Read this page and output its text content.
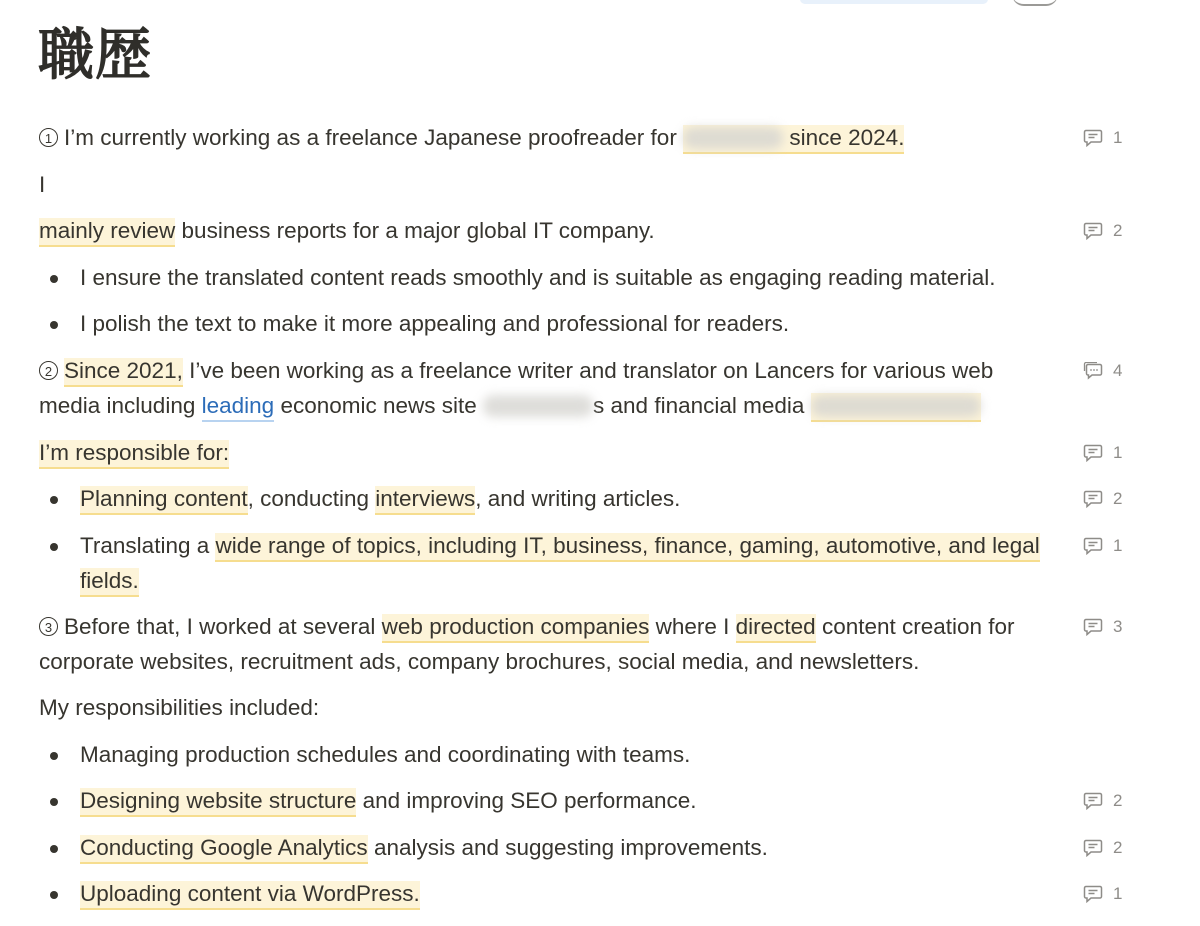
職歴
1 I’m currently working as a freelance Japanese proofreader for	since 2024.	1
I
mainly review business reports for a major global IT company.	2
I ensure the translated content reads smoothly and is suitable as engaging reading material.
I polish the text to make it more appealing and professional for readers.
2 Since 2021, I’ve been working as a freelance writer and translator on Lancers for various web media including leading economic news site	s and financial media
4
I’m responsible for:	1
Planning content, conducting interviews, and writing articles.	2
Translating a wide range of topics, including IT, business, finance, gaming, automotive, and legal fields.
1
3 Before that, I worked at several web production companies where I directed content creation for corporate websites, recruitment ads, company brochures, social media, and newsletters.
3
My responsibilities included:
Managing production schedules and coordinating with teams.
Designing website structure and improving SEO performance.	2
Conducting Google Analytics analysis and suggesting improvements.	2
Uploading content via WordPress.	1
